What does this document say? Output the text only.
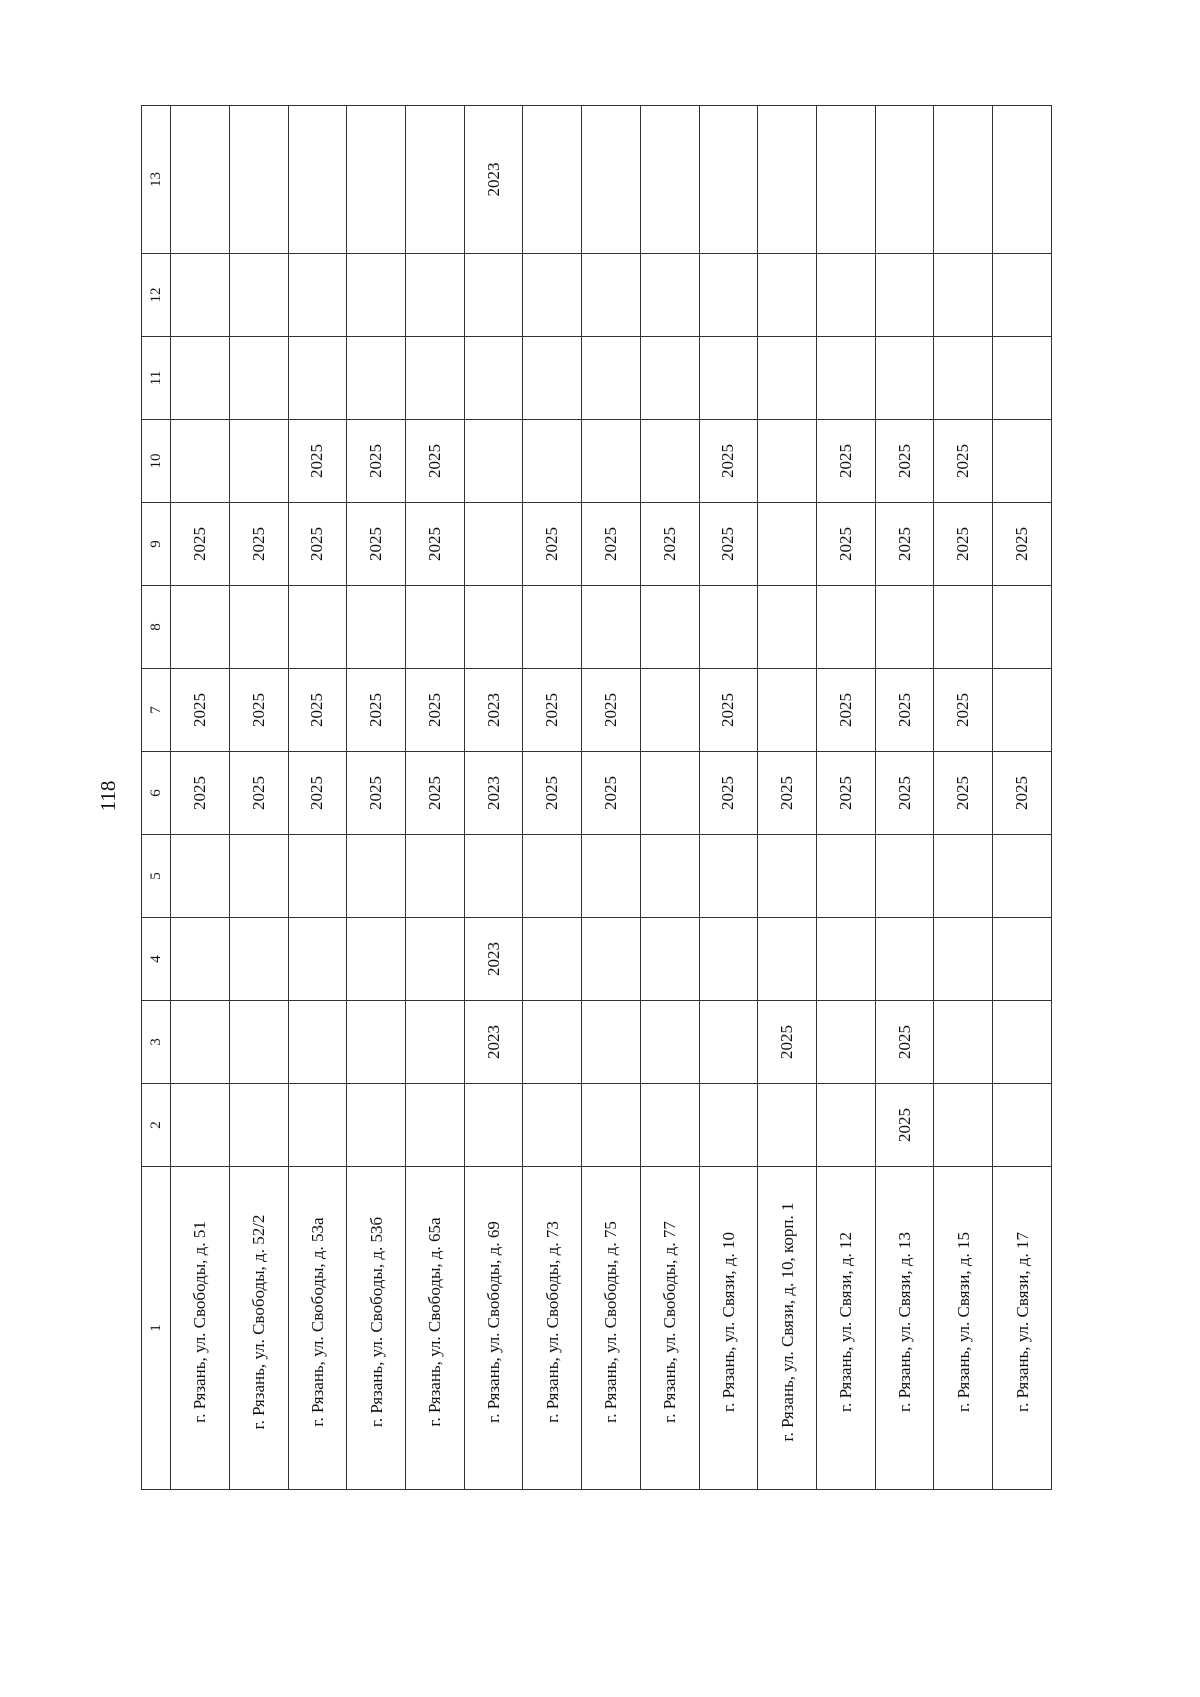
118
1	2	3	4	5	6	7	8	9	10	11	12	13
г. Рязань, ул. Свободы, д. 51					2025	2025		2025				
г. Рязань, ул. Свободы, д. 52/2					2025	2025		2025				
г. Рязань, ул. Свободы, д. 53а					2025	2025		2025	2025			
г. Рязань, ул. Свободы, д. 53б					2025	2025		2025	2025			
г. Рязань, ул. Свободы, д. 65а					2025	2025		2025	2025			
г. Рязань, ул. Свободы, д. 69		2023	2023		2023	2023						2023
г. Рязань, ул. Свободы, д. 73					2025	2025		2025				
г. Рязань, ул. Свободы, д. 75					2025	2025		2025				
г. Рязань, ул. Свободы, д. 77								2025				
г. Рязань, ул. Связи, д. 10					2025	2025		2025	2025			
г. Рязань, ул. Связи, д. 10, корп. 1		2025			2025							
г. Рязань, ул. Связи, д. 12					2025	2025		2025	2025			
г. Рязань, ул. Связи, д. 13	2025	2025			2025	2025		2025	2025			
г. Рязань, ул. Связи, д. 15					2025	2025		2025	2025			
г. Рязань, ул. Связи, д. 17					2025			2025				
